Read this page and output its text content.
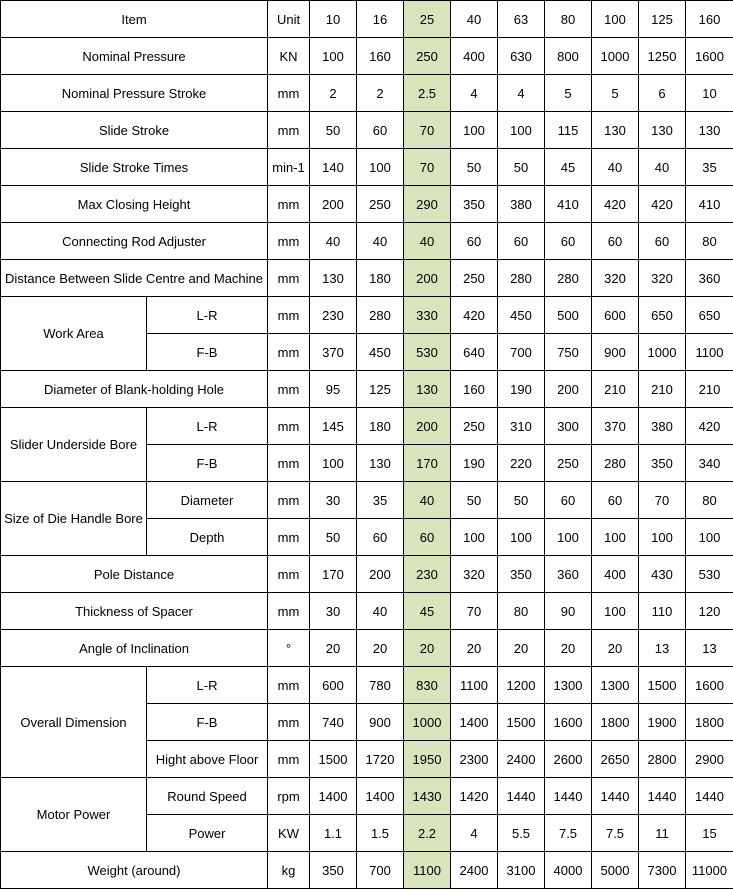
Item		Unit	10	16	25	40	63	80	100	125	160
Nominal Pressure		KN	100	160	250	400	630	800	1000	1250	1600
Nominal Pressure Stroke		mm	2	2	2.5	4	4	5	5	6	10
Slide Stroke		mm	50	60	70	100	100	115	130	130	130
Slide Stroke Times		min-1	140	100	70	50	50	45	40	40	35
Max Closing Height		mm	200	250	290	350	380	410	420	420	410
Connecting Rod Adjuster		mm	40	40	40	60	60	60	60	60	80
Distance Between Slide Centre and Machine		mm	130	180	200	250	280	280	320	320	360
Work Area	L-R	mm	230	280	330	420	450	500	600	650	650
	F-B	mm	370	450	530	640	700	750	900	1000	1100
Diameter of Blank-holding Hole		mm	95	125	130	160	190	200	210	210	210
Slider Underside Bore	L-R	mm	145	180	200	250	310	300	370	380	420
	F-B	mm	100	130	170	190	220	250	280	350	340
Size of Die Handle Bore	Diameter	mm	30	35	40	50	50	60	60	70	80
	Depth	mm	50	60	60	100	100	100	100	100	100
Pole Distance		mm	170	200	230	320	350	360	400	430	530
Thickness of Spacer		mm	30	40	45	70	80	90	100	110	120
Angle of Inclination		°	20	20	20	20	20	20	20	13	13
Overall Dimension	L-R	mm	600	780	830	1100	1200	1300	1300	1500	1600
	F-B	mm	740	900	1000	1400	1500	1600	1800	1900	1800
	Hight above Floor	mm	1500	1720	1950	2300	2400	2600	2650	2800	2900
Motor Power	Round Speed	rpm	1400	1400	1430	1420	1440	1440	1440	1440	1440
	Power	KW	1.1	1.5	2.2	4	5.5	7.5	7.5	11	15
Weight (around)		kg	350	700	1100	2400	3100	4000	5000	7300	11000
